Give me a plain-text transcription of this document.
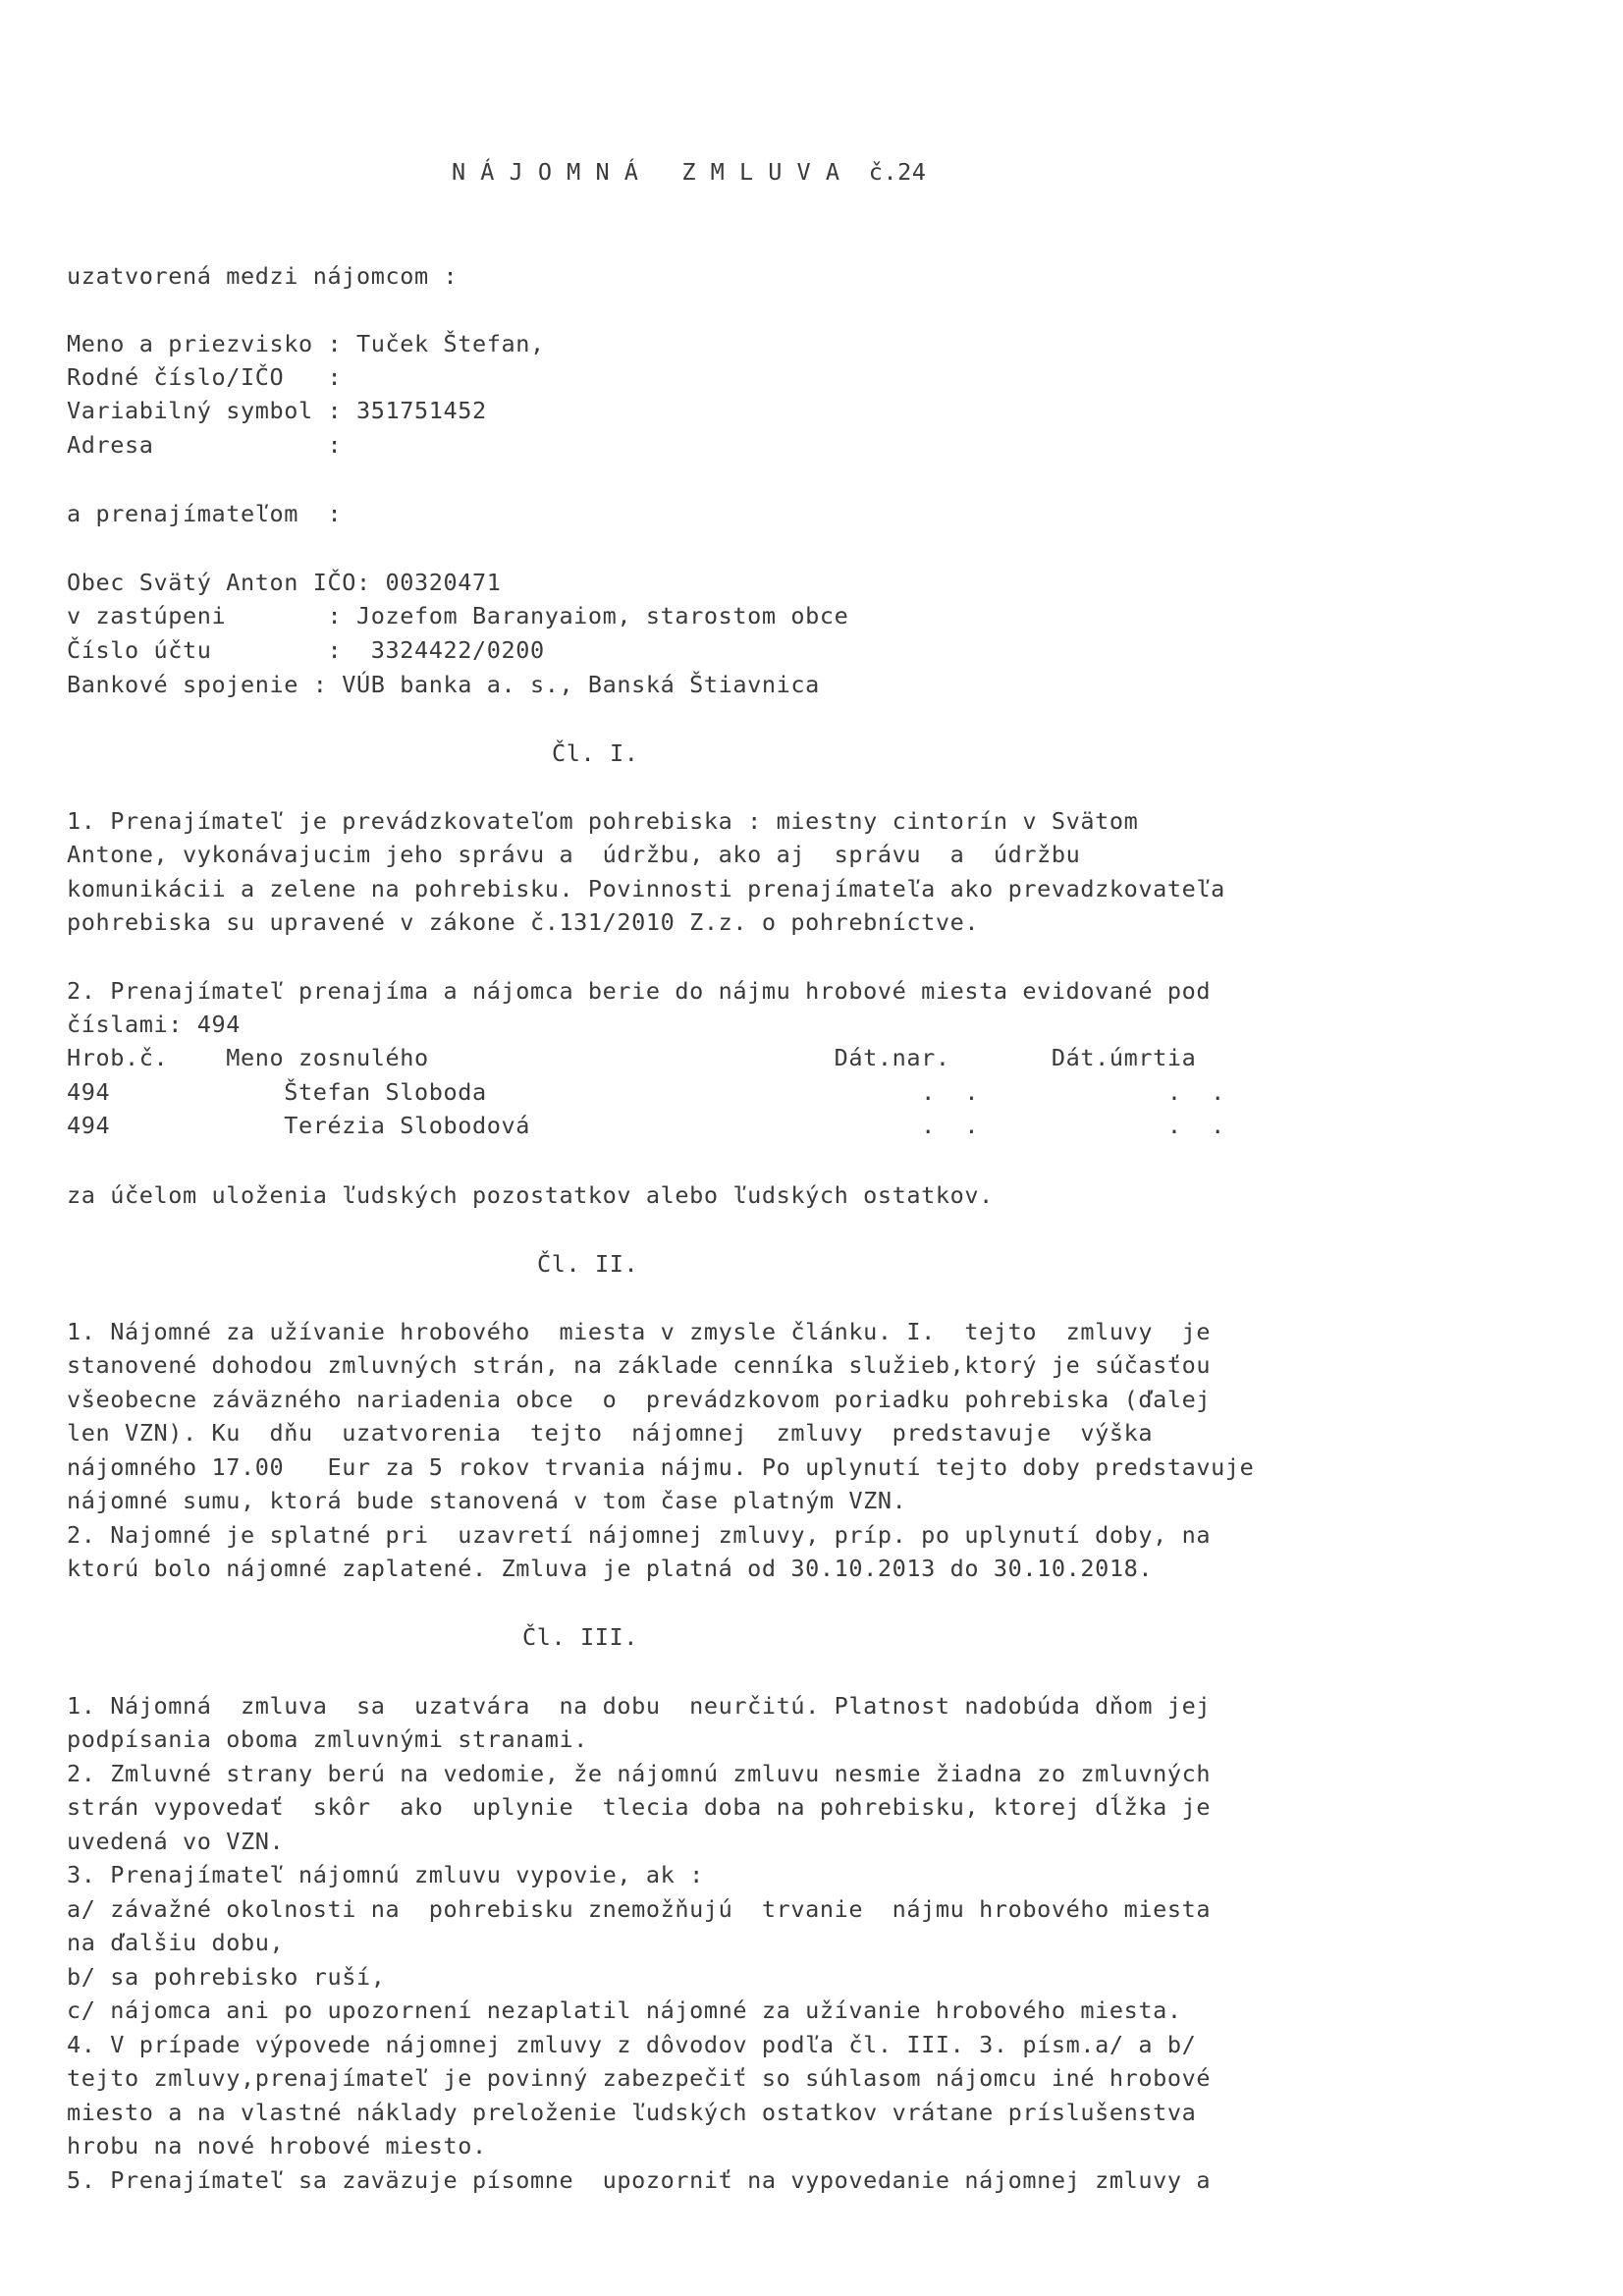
N Á J O M N Á   Z M L U V A  č.24
uzatvorená medzi nájomcom :
Meno a priezvisko : Tuček Štefan,
Rodné číslo/IČO   :
Variabilný symbol : 351751452
Adresa            :
a prenajímateľom  :
Obec Svätý Anton IČO: 00320471
v zastúpeni       : Jozefom Baranyaiom, starostom obce
Číslo účtu        :  3324422/0200
Bankové spojenie : VÚB banka a. s., Banská Štiavnica
Čl. I.
1. Prenajímateľ je prevádzkovateľom pohrebiska : miestny cintorín v Svätom
Antone, vykonávajucim jeho správu a  údržbu, ako aj  správu  a  údržbu
komunikácii a zelene na pohrebisku. Povinnosti prenajímateľa ako prevadzkovateľa
pohrebiska su upravené v zákone č.131/2010 Z.z. o pohrebníctve.
2. Prenajímateľ prenajíma a nájomca berie do nájmu hrobové miesta evidované pod
číslami: 494
Hrob.č.    Meno zosnulého                            Dát.nar.       Dát.úmrtia
494            Štefan Sloboda                              .  .             .  .
494            Terézia Slobodová                           .  .             .  .
za účelom uloženia ľudských pozostatkov alebo ľudských ostatkov.
Čl. II.
1. Nájomné za užívanie hrobového  miesta v zmysle článku. I.  tejto  zmluvy  je
stanovené dohodou zmluvných strán, na základe cenníka služieb,ktorý je súčasťou
všeobecne záväzného nariadenia obce  o  prevádzkovom poriadku pohrebiska (ďalej
len VZN). Ku  dňu  uzatvorenia  tejto  nájomnej  zmluvy  predstavuje  výška
nájomného 17.00   Eur za 5 rokov trvania nájmu. Po uplynutí tejto doby predstavuje
nájomné sumu, ktorá bude stanovená v tom čase platným VZN.
2. Najomné je splatné pri  uzavretí nájomnej zmluvy, príp. po uplynutí doby, na
ktorú bolo nájomné zaplatené. Zmluva je platná od 30.10.2013 do 30.10.2018.
Čl. III.
1. Nájomná  zmluva  sa  uzatvára  na dobu  neurčitú. Platnost nadobúda dňom jej
podpísania oboma zmluvnými stranami.
2. Zmluvné strany berú na vedomie, že nájomnú zmluvu nesmie žiadna zo zmluvných
strán vypovedať  skôr  ako  uplynie  tlecia doba na pohrebisku, ktorej dĺžka je
uvedená vo VZN.
3. Prenajímateľ nájomnú zmluvu vypovie, ak :
a/ závažné okolnosti na  pohrebisku znemožňujú  trvanie  nájmu hrobového miesta
na ďalšiu dobu,
b/ sa pohrebisko ruší,
c/ nájomca ani po upozornení nezaplatil nájomné za užívanie hrobového miesta.
4. V prípade výpovede nájomnej zmluvy z dôvodov podľa čl. III. 3. písm.a/ a b/
tejto zmluvy,prenajímateľ je povinný zabezpečiť so súhlasom nájomcu iné hrobové
miesto a na vlastné náklady preloženie ľudských ostatkov vrátane príslušenstva
hrobu na nové hrobové miesto.
5. Prenajímateľ sa zaväzuje písomne  upozorniť na vypovedanie nájomnej zmluvy a
